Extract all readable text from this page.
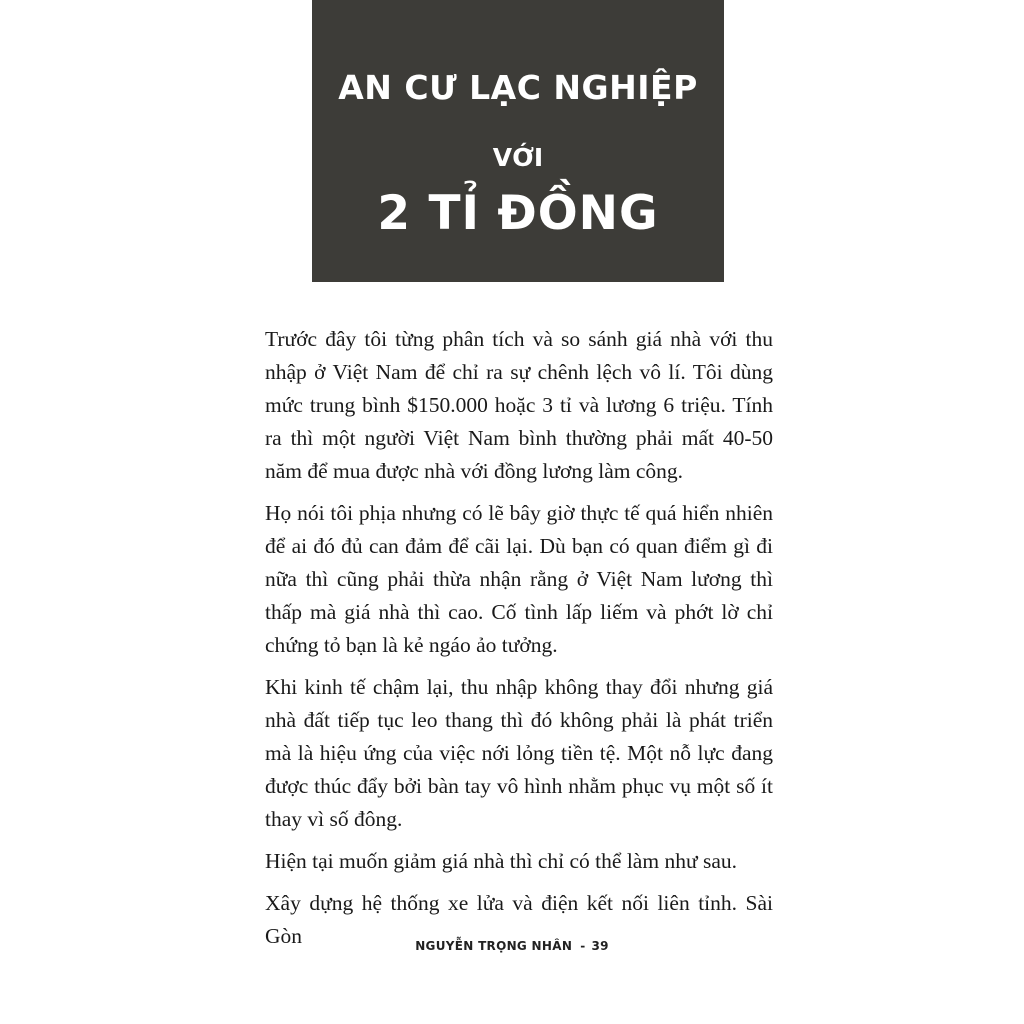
AN CƯ LẠC NGHIỆP
VỚI
2 TỈ ĐỒNG

Trước đây tôi từng phân tích và so sánh giá nhà với thu nhập ở Việt Nam để chỉ ra sự chênh lệch vô lí. Tôi dùng mức trung bình $150.000 hoặc 3 tỉ và lương 6 triệu. Tính ra thì một người Việt Nam bình thường phải mất 40-50 năm để mua được nhà với đồng lương làm công.

Họ nói tôi phịa nhưng có lẽ bây giờ thực tế quá hiển nhiên để ai đó đủ can đảm để cãi lại. Dù bạn có quan điểm gì đi nữa thì cũng phải thừa nhận rằng ở Việt Nam lương thì thấp mà giá nhà thì cao. Cố tình lấp liếm và phớt lờ chỉ chứng tỏ bạn là kẻ ngáo ảo tưởng.

Khi kinh tế chậm lại, thu nhập không thay đổi nhưng giá nhà đất tiếp tục leo thang thì đó không phải là phát triển mà là hiệu ứng của việc nới lỏng tiền tệ. Một nỗ lực đang được thúc đẩy bởi bàn tay vô hình nhằm phục vụ một số ít thay vì số đông.

Hiện tại muốn giảm giá nhà thì chỉ có thể làm như sau.

Xây dựng hệ thống xe lửa và điện kết nối liên tỉnh. Sài Gòn	NGUYỄN TRỌNG NHÂN - 39
